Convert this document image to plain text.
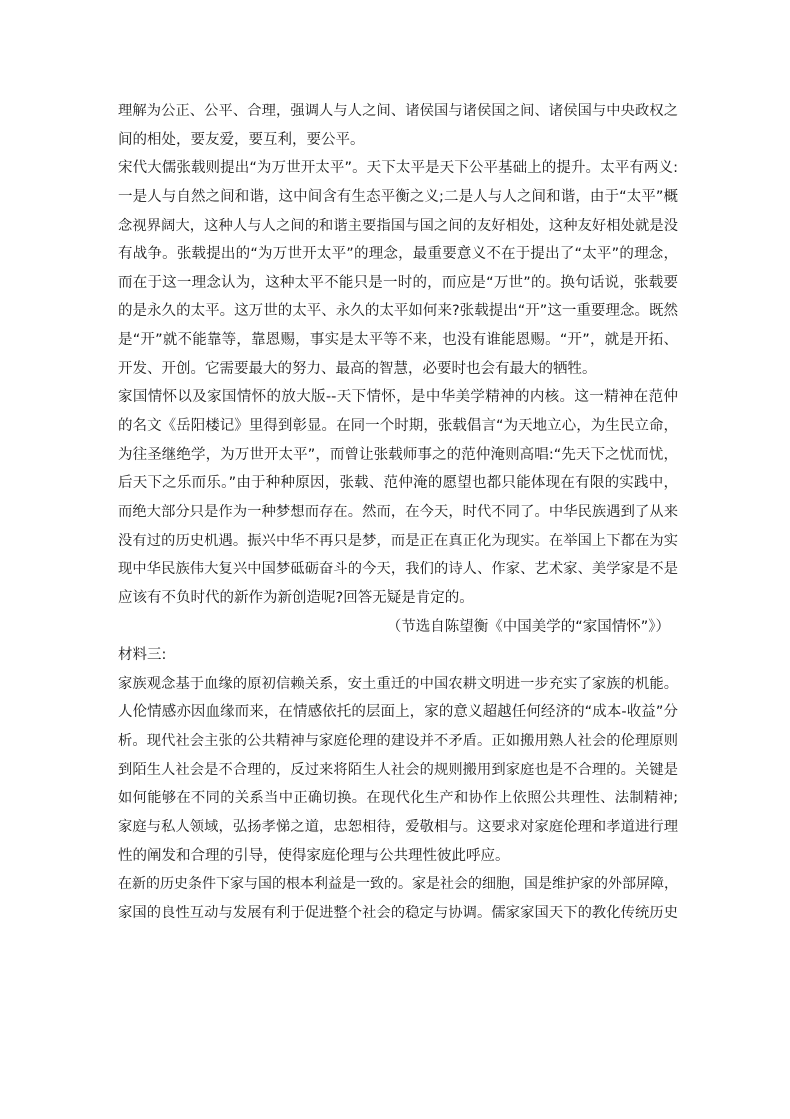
理解为公正、公平、合理，强调人与人之间、诸侯国与诸侯国之间、诸侯国与中央政权之
间的相处，要友爱，要互利，要公平。
宋代大儒张载则提出“为万世开太平”。天下太平是天下公平基础上的提升。太平有两义:
一是人与自然之间和谐，这中间含有生态平衡之义;二是人与人之间和谐，由于“太平”概
念视界阔大，这种人与人之间的和谐主要指国与国之间的友好相处，这种友好相处就是没
有战争。张载提出的“为万世开太平”的理念，最重要意义不在于提出了“太平”的理念，
而在于这一理念认为，这种太平不能只是一时的，而应是“万世”的。换句话说，张载要
的是永久的太平。这万世的太平、永久的太平如何来?张载提出“开”这一重要理念。既然
是“开”就不能靠等，靠恩赐，事实是太平等不来，也没有谁能恩赐。“开”，就是开拓、
开发、开创。它需要最大的努力、最高的智慧，必要时也会有最大的牺牲。
家国情怀以及家国情怀的放大版--天下情怀，是中华美学精神的内核。这一精神在范仲
的名文《岳阳楼记》里得到彰显。在同一个时期，张载倡言“为天地立心，为生民立命，
为往圣继绝学，为万世开太平”，而曾让张载师事之的范仲淹则高唱:“先天下之忧而忧，
后天下之乐而乐。”由于种种原因，张载、范仲淹的愿望也都只能体现在有限的实践中，
而绝大部分只是作为一种梦想而存在。然而，在今天，时代不同了。中华民族遇到了从来
没有过的历史机遇。振兴中华不再只是梦，而是正在真正化为现实。在举国上下都在为实
现中华民族伟大复兴中国梦砥砺奋斗的今天，我们的诗人、作家、艺术家、美学家是不是
应该有不负时代的新作为新创造呢?回答无疑是肯定的。
（节选自陈望衡《中国美学的“家国情怀”》）
材料三:
家族观念基于血缘的原初信赖关系，安土重迁的中国农耕文明进一步充实了家族的机能。
人伦情感亦因血缘而来，在情感依托的层面上，家的意义超越任何经济的“成本-收益”分
析。现代社会主张的公共精神与家庭伦理的建设并不矛盾。正如搬用熟人社会的伦理原则
到陌生人社会是不合理的，反过来将陌生人社会的规则搬用到家庭也是不合理的。关键是
如何能够在不同的关系当中正确切换。在现代化生产和协作上依照公共理性、法制精神;
家庭与私人领域，弘扬孝悌之道，忠恕相待，爱敬相与。这要求对家庭伦理和孝道进行理
性的阐发和合理的引导，使得家庭伦理与公共理性彼此呼应。
在新的历史条件下家与国的根本利益是一致的。家是社会的细胞，国是维护家的外部屏障，
家国的良性互动与发展有利于促进整个社会的稳定与协调。儒家家国天下的教化传统历史
